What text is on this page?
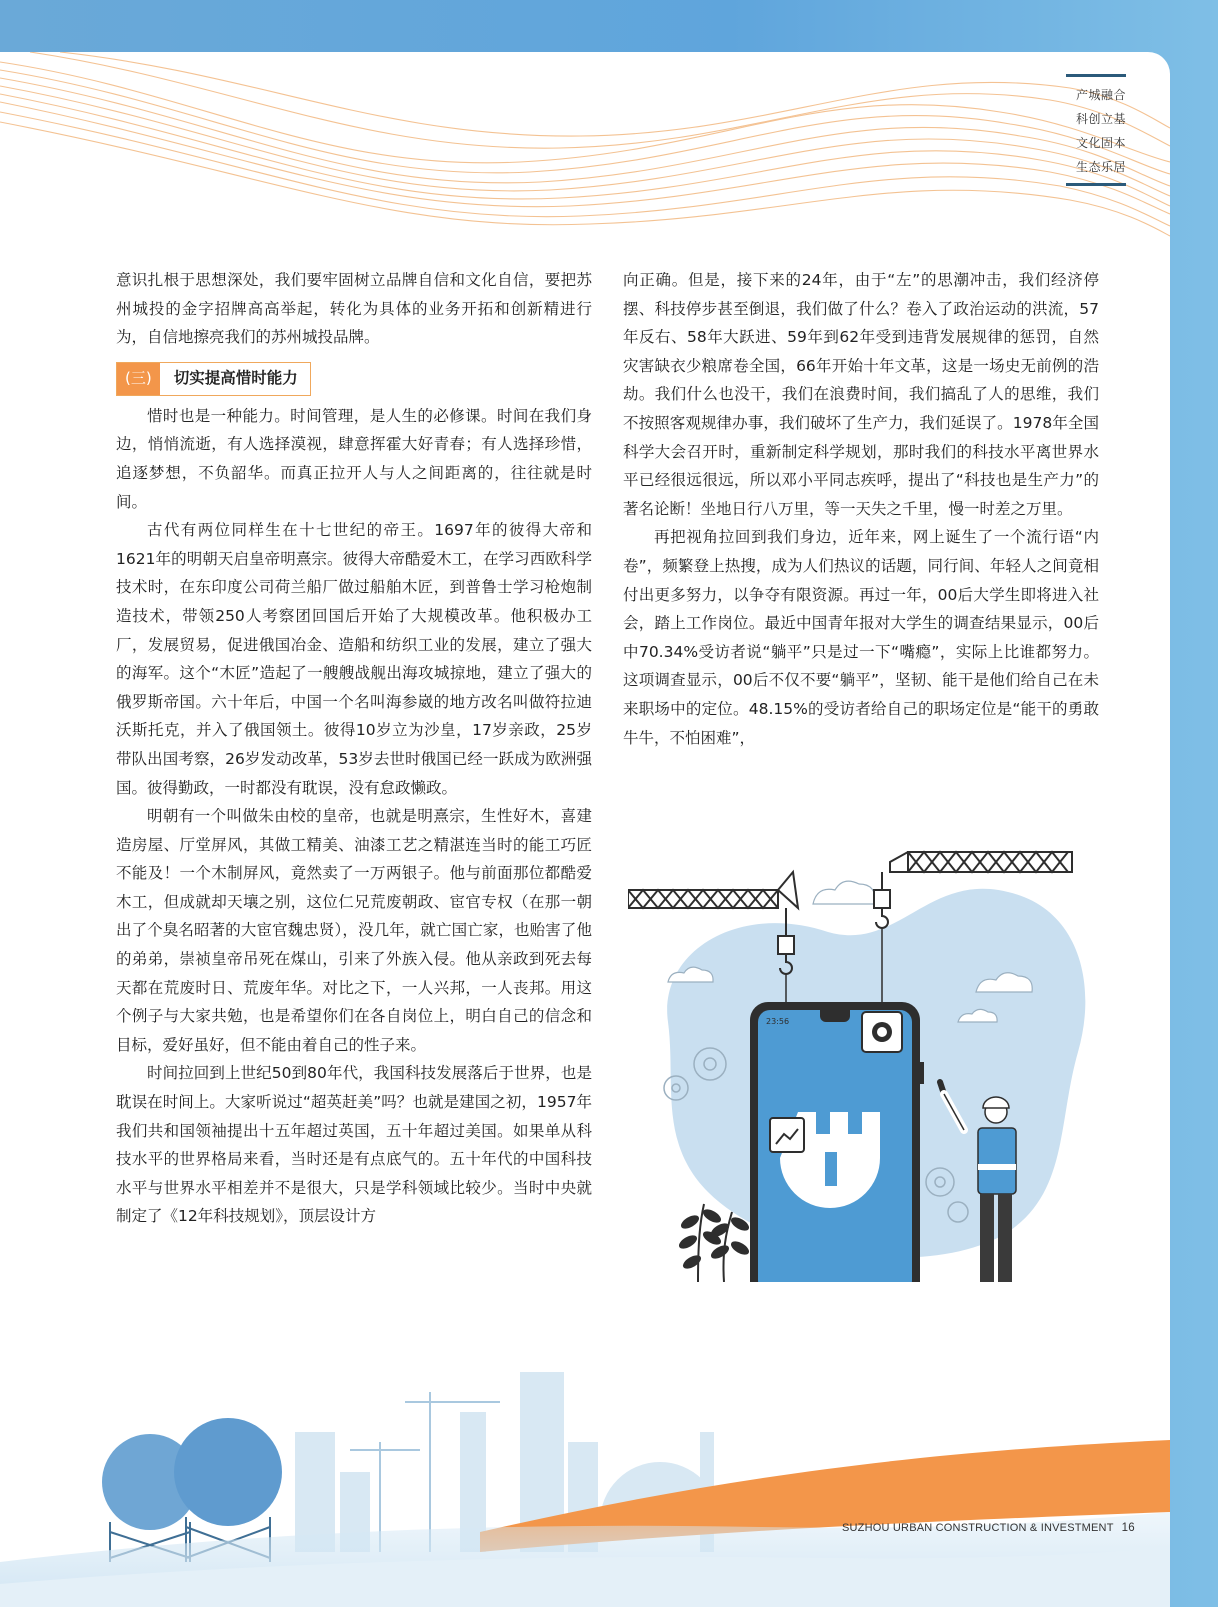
产城融合
科创立基
文化固本
生态乐居

意识扎根于思想深处，我们要牢固树立品牌自信和文化自信，要把苏州城投的金字招牌高高举起，转化为具体的业务开拓和创新精进行为，自信地擦亮我们的苏州城投品牌。

(三)	切实提高惜时能力

惜时也是一种能力。时间管理，是人生的必修课。时间在我们身边，悄悄流逝，有人选择漠视，肆意挥霍大好青春；有人选择珍惜，追逐梦想，不负韶华。而真正拉开人与人之间距离的，往往就是时间。

古代有两位同样生在十七世纪的帝王。1697年的彼得大帝和1621年的明朝天启皇帝明熹宗。彼得大帝酷爱木工，在学习西欧科学技术时，在东印度公司荷兰船厂做过船舶木匠，到普鲁士学习枪炮制造技术，带领250人考察团回国后开始了大规模改革。他积极办工厂，发展贸易，促进俄国冶金、造船和纺织工业的发展，建立了强大的海军。这个“木匠”造起了一艘艘战舰出海攻城掠地，建立了强大的俄罗斯帝国。六十年后，中国一个名叫海参崴的地方改名叫做符拉迪沃斯托克，并入了俄国领土。彼得10岁立为沙皇，17岁亲政，25岁带队出国考察，26岁发动改革，53岁去世时俄国已经一跃成为欧洲强国。彼得勤政，一时都没有耽误，没有怠政懒政。

明朝有一个叫做朱由校的皇帝，也就是明熹宗，生性好木，喜建造房屋、厅堂屏风，其做工精美、油漆工艺之精湛连当时的能工巧匠不能及！一个木制屏风，竟然卖了一万两银子。他与前面那位都酷爱木工，但成就却天壤之别，这位仁兄荒废朝政、宦官专权（在那一朝出了个臭名昭著的大宦官魏忠贤），没几年，就亡国亡家，也贻害了他的弟弟，崇祯皇帝吊死在煤山，引来了外族入侵。他从亲政到死去每天都在荒废时日、荒废年华。对比之下，一人兴邦，一人丧邦。用这个例子与大家共勉，也是希望你们在各自岗位上，明白自己的信念和目标，爱好虽好，但不能由着自己的性子来。

时间拉回到上世纪50到80年代，我国科技发展落后于世界，也是耽误在时间上。大家听说过“超英赶美”吗？也就是建国之初，1957年我们共和国领袖提出十五年超过英国，五十年超过美国。如果单从科技水平的世界格局来看，当时还是有点底气的。五十年代的中国科技水平与世界水平相差并不是很大，只是学科领域比较少。当时中央就制定了《12年科技规划》，顶层设计方

向正确。但是，接下来的24年，由于“左”的思潮冲击，我们经济停摆、科技停步甚至倒退，我们做了什么？卷入了政治运动的洪流，57年反右、58年大跃进、59年到62年受到违背发展规律的惩罚，自然灾害缺衣少粮席卷全国，66年开始十年文革，这是一场史无前例的浩劫。我们什么也没干，我们在浪费时间，我们搞乱了人的思维，我们不按照客观规律办事，我们破坏了生产力，我们延误了。1978年全国科学大会召开时，重新制定科学规划，那时我们的科技水平离世界水平已经很远很远，所以邓小平同志疾呼，提出了“科技也是生产力”的著名论断！坐地日行八万里，等一天失之千里，慢一时差之万里。

再把视角拉回到我们身边，近年来，网上诞生了一个流行语“内卷”，频繁登上热搜，成为人们热议的话题，同行间、年轻人之间竟相付出更多努力，以争夺有限资源。再过一年，00后大学生即将进入社会，踏上工作岗位。最近中国青年报对大学生的调查结果显示，00后中70.34%受访者说“躺平”只是过一下“嘴瘾”，实际上比谁都努力。这项调查显示，00后不仅不要“躺平”，坚韧、能干是他们给自己在未来职场中的定位。48.15%的受访者给自己的职场定位是“能干的勇敢牛牛，不怕困难”，

23:56
SUZHOU URBAN CONSTRUCTION & INVESTMENT 16
